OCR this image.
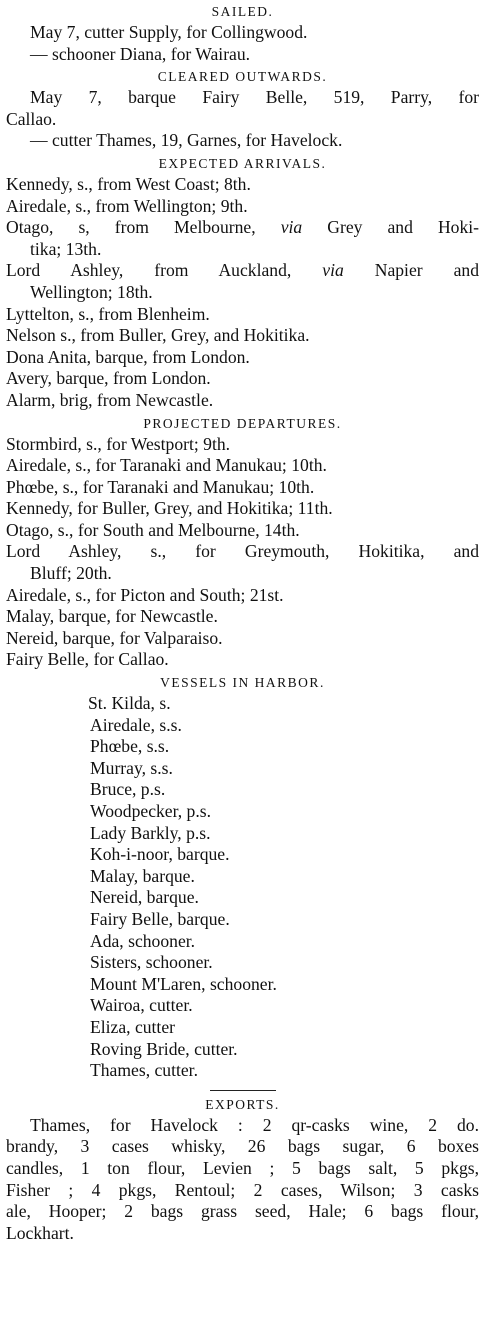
SAILED.
May 7, cutter Supply, for Collingwood.
— schooner Diana, for Wairau.
CLEARED OUTWARDS.
May 7, barque Fairy Belle, 519, Parry, for
Callao.
— cutter Thames, 19, Garnes, for Havelock.
EXPECTED ARRIVALS.
Kennedy, s., from West Coast; 8th.
Airedale, s., from Wellington; 9th.
Otago, s, from Melbourne, via Grey and Hoki-
tika; 13th.
Lord Ashley, from Auckland, via Napier and
Wellington; 18th.
Lyttelton, s., from Blenheim.
Nelson s., from Buller, Grey, and Hokitika.
Dona Anita, barque, from London.
Avery, barque, from London.
Alarm, brig, from Newcastle.
PROJECTED DEPARTURES.
Stormbird, s., for Westport; 9th.
Airedale, s., for Taranaki and Manukau; 10th.
Phœbe, s., for Taranaki and Manukau; 10th.
Kennedy, for Buller, Grey, and Hokitika; 11th.
Otago, s., for South and Melbourne, 14th.
Lord Ashley, s., for Greymouth, Hokitika, and
Bluff; 20th.
Airedale, s., for Picton and South; 21st.
Malay, barque, for Newcastle.
Nereid, barque, for Valparaiso.
Fairy Belle, for Callao.
VESSELS IN HARBOR.
St. Kilda, s.
Airedale, s.s.
Phœbe, s.s.
Murray, s.s.
Bruce, p.s.
Woodpecker, p.s.
Lady Barkly, p.s.
Koh-i-noor, barque.
Malay, barque.
Nereid, barque.
Fairy Belle, barque.
Ada, schooner.
Sisters, schooner.
Mount M'Laren, schooner.
Wairoa, cutter.
Eliza, cutter
Roving Bride, cutter.
Thames, cutter.
EXPORTS.
Thames, for Havelock : 2 qr-casks wine, 2 do.
brandy, 3 cases whisky, 26 bags sugar, 6 boxes
candles, 1 ton flour, Levien ; 5 bags salt, 5 pkgs,
Fisher ; 4 pkgs, Rentoul; 2 cases, Wilson; 3 casks
ale, Hooper; 2 bags grass seed, Hale; 6 bags flour,
Lockhart.
